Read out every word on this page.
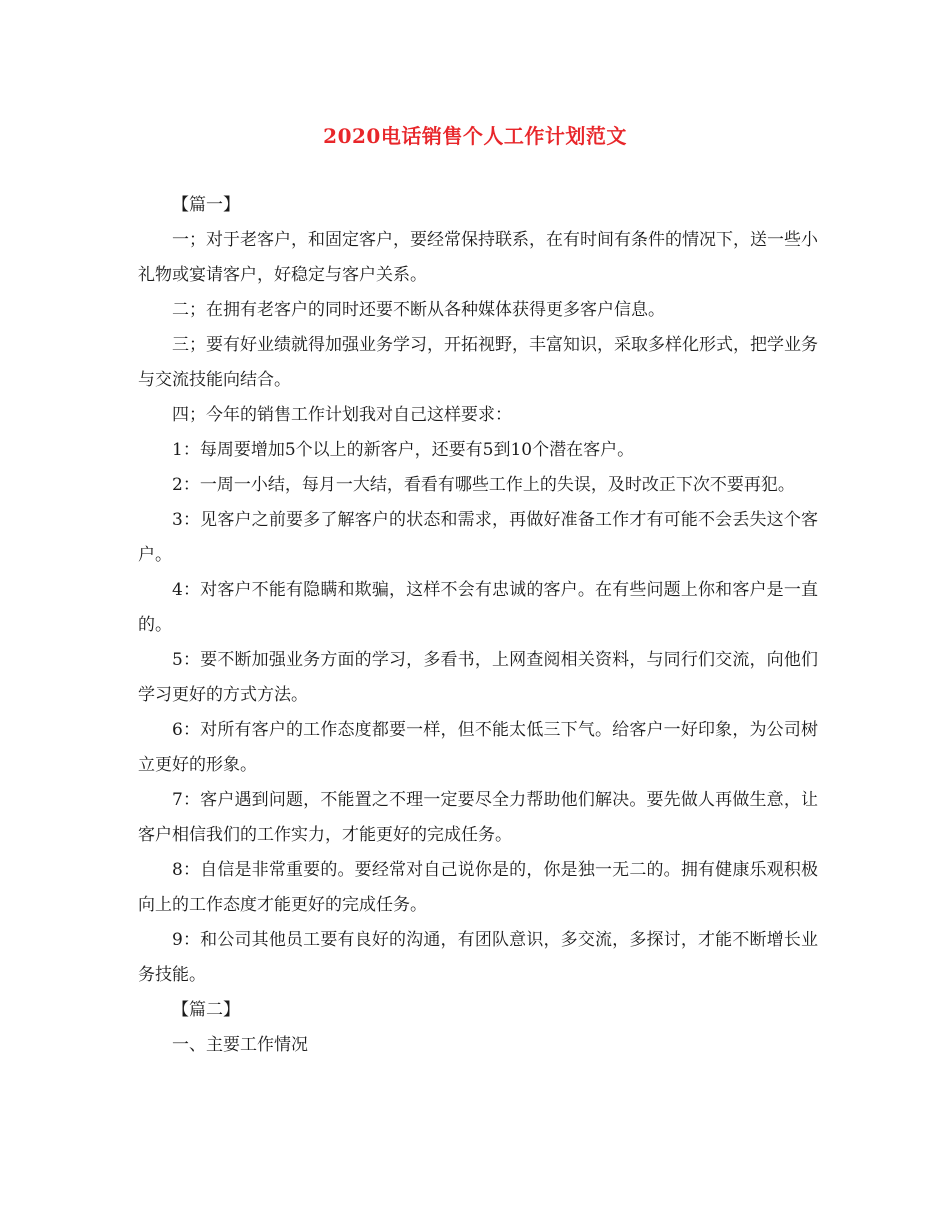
2020电话销售个人工作计划范文

【篇一】

一；对于老客户，和固定客户，要经常保持联系，在有时间有条件的情况下，送一些小礼物或宴请客户，好稳定与客户关系。

二；在拥有老客户的同时还要不断从各种媒体获得更多客户信息。

三；要有好业绩就得加强业务学习，开拓视野，丰富知识，采取多样化形式，把学业务与交流技能向结合。

四；今年的销售工作计划我对自己这样要求：

1：每周要增加5个以上的新客户，还要有5到10个潜在客户。

2：一周一小结，每月一大结，看看有哪些工作上的失误，及时改正下次不要再犯。

3：见客户之前要多了解客户的状态和需求，再做好准备工作才有可能不会丢失这个客户。

4：对客户不能有隐瞒和欺骗，这样不会有忠诚的客户。在有些问题上你和客户是一直的。

5：要不断加强业务方面的学习，多看书，上网查阅相关资料，与同行们交流，向他们学习更好的方式方法。

6：对所有客户的工作态度都要一样，但不能太低三下气。给客户一好印象，为公司树立更好的形象。

7：客户遇到问题，不能置之不理一定要尽全力帮助他们解决。要先做人再做生意，让客户相信我们的工作实力，才能更好的完成任务。

8：自信是非常重要的。要经常对自己说你是的，你是独一无二的。拥有健康乐观积极向上的工作态度才能更好的完成任务。

9：和公司其他员工要有良好的沟通，有团队意识，多交流，多探讨，才能不断增长业务技能。

【篇二】

一、主要工作情况
